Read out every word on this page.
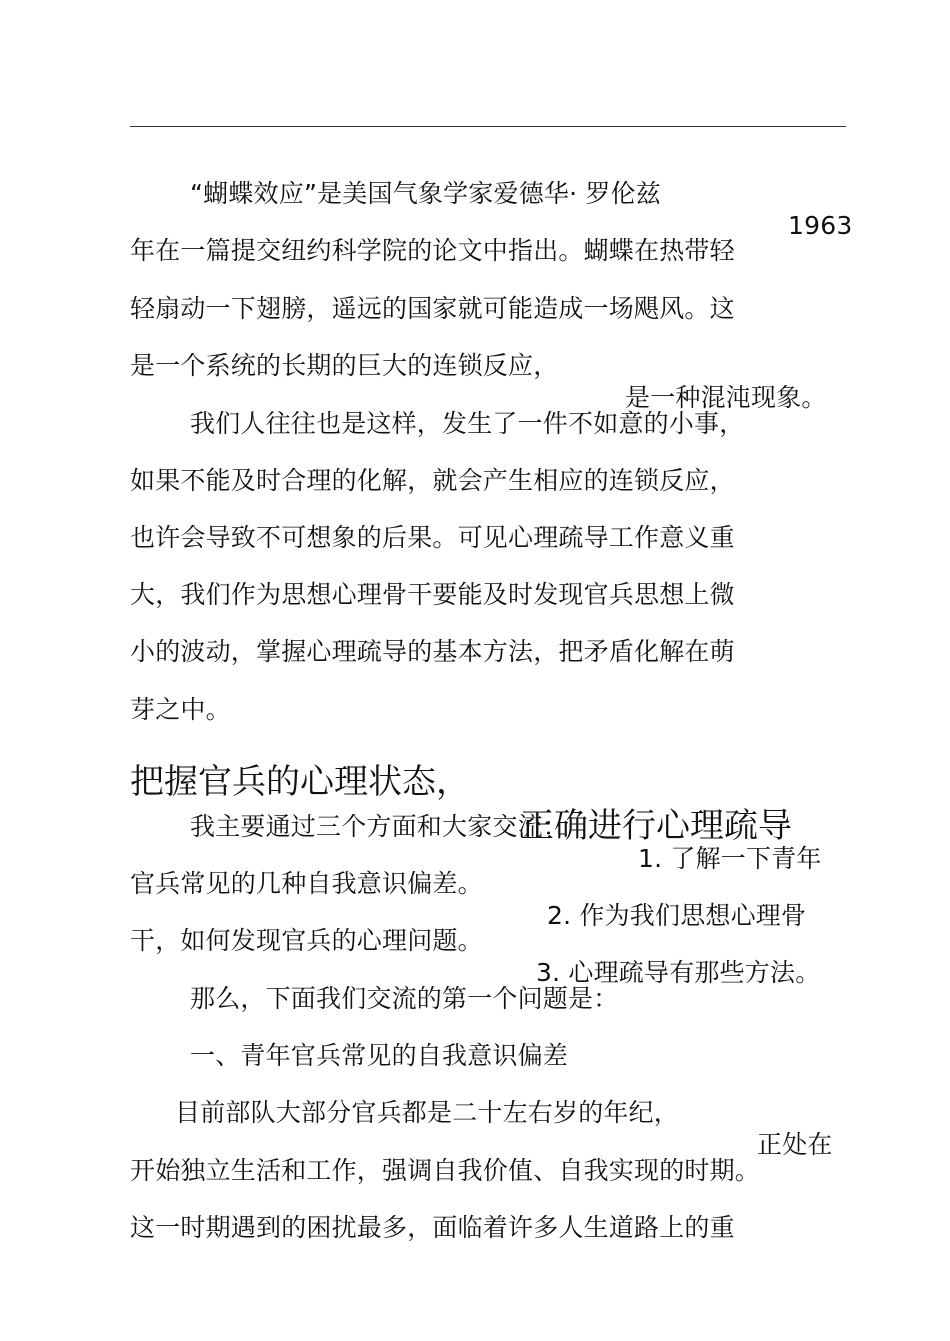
“蝴蝶效应”是美国气象学家爱德华· 罗伦兹

1963

年在一篇提交纽约科学院的论文中指出。蝴蝶在热带轻

轻扇动一下翅膀，遥远的国家就可能造成一场飓风。这

是一个系统的长期的巨大的连锁反应，

是一种混沌现象。

我们人往往也是这样，发生了一件不如意的小事，

如果不能及时合理的化解，就会产生相应的连锁反应，

也许会导致不可想象的后果。可见心理疏导工作意义重

大，我们作为思想心理骨干要能及时发现官兵思想上微

小的波动，掌握心理疏导的基本方法，把矛盾化解在萌

芽之中。

把握官兵的心理状态，

正确进行心理疏导

我主要通过三个方面和大家交流：

1. 了解一下青年

官兵常见的几种自我意识偏差。

2. 作为我们思想心理骨

干，如何发现官兵的心理问题。

3. 心理疏导有那些方法。

那么，下面我们交流的第一个问题是：

一、青年官兵常见的自我意识偏差

目前部队大部分官兵都是二十左右岁的年纪，

正处在

开始独立生活和工作，强调自我价值、自我实现的时期。

这一时期遇到的困扰最多，面临着许多人生道路上的重
